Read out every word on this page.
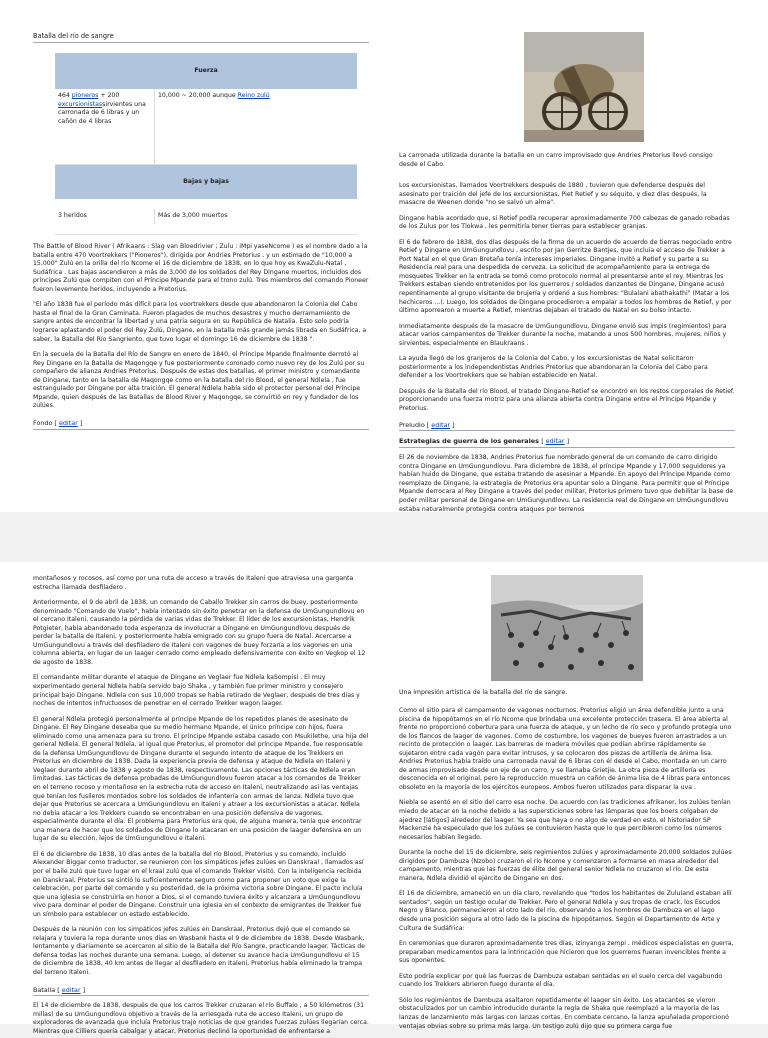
Batalla del río de sangre
Fuerza
464 pioneros + 200 excursionistassirvientes una carronada de 6 libras y un cañón de 4 libras
10,000 ~ 20,000 aunque Reino zulú
Bajas y bajas
3 heridos	Más de 3,000 muertos

The Battle of Blood River ( Afrikaans : Slag van Bloedrivier ; Zulu : iMpi yaseNcome ) es el nombre dado a la batalla entre 470 Voortrekkers ("Pioneros"), dirigida por Andries Pretorius , y un estimado de "10,000 a 15,000" Zulú en la orilla del río Ncome el 16 de diciembre de 1838, en lo que hoy es KwaZulu-Natal , Sudáfrica . Las bajas ascendieron a más de 3,000 de los soldados del Rey Dingane muertos, incluidos dos príncipes Zulú que compiten con el Príncipe Mpande para el trono zulú. Tres miembros del comando Pioneer fueron levemente heridos, incluyendo a Pretorius.

"El año 1838 fue el período más difícil para los voortrekkers desde que abandonaron la Colonia del Cabo hasta el final de la Gran Caminata. Fueron plagados de muchos desastres y mucho derramamiento de sangre antes de encontrar la libertad y una patria segura en su República de Natalia. Esto solo podría lograrse aplastando el poder del Rey Zulú, Dingane, en la batalla más grande jamás librada en Sudáfrica, a saber, la Batalla del Río Sangriento, que tuvo lugar el domingo 16 de diciembre de 1838 ".

En la secuela de la Batalla del Río de Sangre en enero de 1840, el Príncipe Mpande finalmente derrotó al Rey Dingane en la Batalla de Maqongqe y fue posteriormente coronado como nuevo rey de los Zulú por su compañero de alianza Andries Pretorius. Después de estas dos batallas, el primer ministro y comandante de Dingane, tanto en la batalla de Maqongqe como en la batalla del río Blood, el general Ndlela , fue estrangulado por Dingane por alta traición. El general Ndlela había sido el protector personal del Príncipe Mpande, quien después de las Batallas de Blood River y Maqongqe, se convirtió en rey y fundador de los zulúes.

Fondo [ editar ]
La carronada utilizada durante la batalla en un carro improvisado que Andries Pretorius llevó consigo desde el Cabo.

Los excursionistas, llamados Voortrekkers después de 1880 , tuvieron que defenderse después del asesinato por traición del jefe de los excursionistas, Piet Retief y su séquito, y diez días después, la masacre de Weenen donde "no se salvó un alma".

Dingane había acordado que, si Retief podía recuperar aproximadamente 700 cabezas de ganado robadas de los Zulus por los Tlokwa , les permitiría tener tierras para establecer granjas.

El 6 de febrero de 1838, dos días después de la firma de un acuerdo de acuerdo de tierras negociado entre Retief y Dingane en UmGungundlovu , escrito por Jan Gerritze Bantjes, que incluía el acceso de Trekker a Port Natal en el que Gran Bretaña tenía intereses imperiales. Dingane invitó a Retief y su parte a su Residencia real para una despedida de cerveza. La solicitud de acompañamiento para la entrega de mosquetes Trekker en la entrada se tomó como protocolo normal al presentarse ante el rey. Mientras los Trekkers estaban siendo entretenidos por los guerreros / soldados danzantes de Dingane, Dingane acusó repentinamente al grupo visitante de brujería y ordenó a sus hombres: "Bulalani abathakathi" (Matar a los hechiceros ...). Luego, los soldados de Dingane procedieron a empalar a todos los hombres de Retief, y por último aporrearon a muerte a Retief, mientras dejaban el tratado de Natal en su bolso intacto.

Inmediatamente después de la masacre de UmGungundlovu, Dingane envió sus impis (regimientos) para atacar varios campamentos de Trekker durante la noche, matando a unos 500 hombres, mujeres, niños y sirvientes, especialmente en Blaukraans .

La ayuda llegó de los granjeros de la Colonia del Cabo, y los excursionistas de Natal solicitaron posteriormente a los independentistas Andries Pretorius que abandonaran la Colonia del Cabo para defender a los Voortrekkers que se habían establecido en Natal.

Después de la Batalla del río Blood, el tratado Dingane-Retief se encontró en los restos corporales de Retief. proporcionando una fuerza motriz para una alianza abierta contra Dingane entre el Príncipe Mpande y Pretorius.

Preludio [ editar ]
Estrategias de guerra de los generales [ editar ]

El 26 de noviembre de 1838, Andries Pretorius fue nombrado general de un comando de carro dirigido contra Dingane en UmGungundlovu. Para diciembre de 1838, el príncipe Mpande y 17,000 seguidores ya habían huido de Dingane, que estaba tratando de asesinar a Mpande. En apoyo del Príncipe Mpande como reemplazo de Dingane, la estrategia de Pretorius era apuntar solo a Dingane. Para permitir que el Príncipe Mpande derrocara al Rey Dingane a través del poder militar, Pretorius primero tuvo que debilitar la base de poder militar personal de Dingane en UmGungundlovu. La residencia real de Dingane en UmGungundlovu estaba naturalmente protegida contra ataques por terrenos

montañosos y rocosos, así como por una ruta de acceso a través de Italeni que atraviesa una garganta estrecha llamada desfiladero .

Anteriormente, el 9 de abril de 1838, un comando de Caballo Trekker sin carros de buey, posteriormente denominado "Comando de Vuelo", había intentado sin éxito penetrar en la defensa de UmGungundlovu en el cercano Italeni, causando la pérdida de varias vidas de Trekker. El líder de los excursionistas, Hendrik Potgieter, había abandonado toda esperanza de involucrar a Dingane en UmGungundlovu después de perder la batalla de Italeni, y posteriormente había emigrado con su grupo fuera de Natal. Acercarse a UmGungundlovu a través del desfiladero de Italeni con vagones de buey forzaría a los vagones en una columna abierta, en lugar de un laager cerrado como empleado defensivamente con éxito en Vegkop el 12 de agosto de 1838.

El comandante militar durante el ataque de Dingane en Veglaer fue Ndlela kaSompisi . El muy experimentado general Ndlela había servido bajo Shaka , y también fue primer ministro y consejero principal bajo Dingane. Ndlela con sus 10,000 tropas se había retirado de Veglaer, después de tres días y noches de intentos infructuosos de penetrar en el cerrado Trekker wagon laager.

El general Ndlela protegió personalmente al príncipe Mpande de los repetidos planes de asesinato de Dingane. El Rey Dingane deseaba que su medio hermano Mpande, el único príncipe con hijos, fuera eliminado como una amenaza para su trono. El príncipe Mpande estaba casado con Msukilethe, una hija del general Ndlela. El general Ndlela, al igual que Pretorius, el promotor del príncipe Mpande, fue responsable de la defensa UmGungundlovu de Dingane durante el segundo intento de ataque de los Trekkers en Pretorius en diciembre de 1838. Dada la experiencia previa de defensa y ataque de Ndlela en Italeni y Veglaer durante abril de 1838 y agosto de 1838, respectivamente. Las opciones tácticas de Ndlela eran limitadas. Las tácticas de defensa probadas de UmGungundlovu fueron atacar a los comandos de Trekker en el terreno rocoso y montañoso en la estrecha ruta de acceso en Italeni, neutralizando así las ventajas que tenían los fusileros montados sobre los soldados de infantería con armas de lanza. Ndlela tuvo que dejar que Pretorius se acercara a UmGungundlovu en Italeni y atraer a los excursionistas a atacar. Ndlela no debía atacar a los Trekkers cuando se encontraban en una posición defensiva de vagones, especialmente durante el día. El problema para Pretorius era que, de alguna manera, tenía que encontrar una manera de hacer que los soldados de Dingane lo atacaran en una posición de laager defensiva en un lugar de su elección, lejos de UmGungundlovu e Italeni.

El 6 de diciembre de 1838, 10 días antes de la batalla del río Blood, Pretorius y su comando, incluido Alexander Biggar como traductor, se reunieron con los simpáticos jefes zulúes en Danskraal , llamados así por el baile zulú que tuvo lugar en el kraal zulú que el comando Trekker visitó. Con la inteligencia recibida en Danskraal, Pretorius se sintió lo suficientemente seguro como para proponer un voto que exige la celebración, por parte del comando y su posteridad, de la próxima victoria sobre Dingane. El pacto incluía que una iglesia se construiría en honor a Dios, si el comando tuviera éxito y alcanzara a UmGungundlovu vivo para dominar el poder de Dingane. Construir una iglesia en el contexto de emigrantes de Trekker fue un símbolo para establecer un estado establecido.

Después de la reunión con los simpáticos jefes zulúes en Danskraal, Pretorius dejó que el comando se relajara y tuviera la ropa durante unos días en Wasbank hasta el 9 de diciembre de 1838. Desde Wasbank, lentamente y diariamente se acercaron al sitio de la Batalla del Río Sangre, practicando laager. Tácticas de defensa todas las noches durante una semana. Luego, al detener su avance hacia UmGungundlovu el 15 de diciembre de 1838, 40 km antes de llegar al desfiladero en Italeni, Pretorius había eliminado la trampa del terreno Italeni.

Batalla [ editar ]

El 14 de diciembre de 1838, después de que los carros Trekker cruzaran el río Buffalo , a 50 kilómetros (31 millas) de su UmGungundlovu objetivo a través de la arriesgada ruta de acceso Italeni, un grupo de exploradores de avanzada que incluía Pretorius trajo noticias de que grandes fuerzas zulúes llegarían cerca. Mientras que Cilliers quería cabalgar y atacar, Pretorius declinó la oportunidad de enfrentarse a

Una impresión artística de la batalla del río de sangre.

Como el sitio para el campamento de vagones nocturnos, Pretorius eligió un área defendible junto a una piscina de hipopótamos en el río Ncome que brindaba una excelente protección trasera. El área abierta al frente no proporcionó cobertura para una fuerza de ataque, y un lecho de río seco y profundo protegía uno de los flancos de laager de vagones. Como de costumbre, los vagones de bueyes fueron arrastrados a un recinto de protección o laager. Las barreras de madera móviles que podían abrirse rápidamente se sujetaron entre cada vagón para evitar intrusos, y se colocaron dos piezas de artillería de ánima lisa. Andries Pretorius había traído una carronada naval de 6 libras con él desde el Cabo, montada en un carro de armas improvisado desde un eje de un carro, y se llamaba Grietjie. La otra pieza de artillería es desconocida en el original, pero la reproducción muestra un cañón de ánima lisa de 4 libras para entonces obsoleto en la mayoría de los ejércitos europeos. Ambos fueron utilizados para disparar la uva .

Niebla se asentó en el sitio del carro esa noche. De acuerdo con las tradiciones afrikaner, los zulúes tenían miedo de atacar en la noche debido a las supersticiones sobre las lámparas que los boers colgaban de ajedrez [látigos] alrededor del laager. Ya sea que haya o no algo de verdad en esto, el historiador SP Mackenzie ha especulado que los zulúes se contuvieron hasta que lo que percibieron como los números necesarios habían llegado.

Durante la noche del 15 de diciembre, seis regimientos zulúes y aproximadamente 20,000 soldados zulúes dirigidos por Dambuza (Nzobo) cruzaron el río Ncome y comenzaron a formarse en masa alrededor del campamento, mientras que las fuerzas de élite del general senior Ndlela no cruzaron el río. De esta manera, Ndlela dividió el ejército de Dingane en dos.

El 16 de diciembre, amaneció en un día claro, revelando que "todos los habitantes de Zululand estaban allí sentados", según un testigo ocular de Trekker. Pero el general Ndlela y sus tropas de crack, los Escudos Negro y Blanco, permanecieron al otro lado del río, observando a los hombres de Dambuza en el lago desde una posición segura al otro lado de la piscina de hipopótamos. Según el Departamento de Arte y Cultura de Sudáfrica:

En ceremonias que duraron aproximadamente tres días, izinyanga zempi , médicos especialistas en guerra, preparaban medicamentos para la intrincación que hicieron que los guerreros fueran invencibles frente a sus oponentes.

Esto podría explicar por qué las fuerzas de Dambuza estaban sentadas en el suelo cerca del vagabundo cuando los Trekkers abrieron fuego durante el día.

Sólo los regimientos de Dambuza asaltaron repetidamente el laager sin éxito. Los atacantes se vieron obstaculizados por un cambio introducido durante la regla de Shaka que reemplazó a la mayoría de las lanzas de lanzamiento más largas con lanzas cortas. En combate cercano, la lanza apuñalada proporcionó ventajas obvias sobre su prima más larga. Un testigo zulú dijo que su primera carga fue
